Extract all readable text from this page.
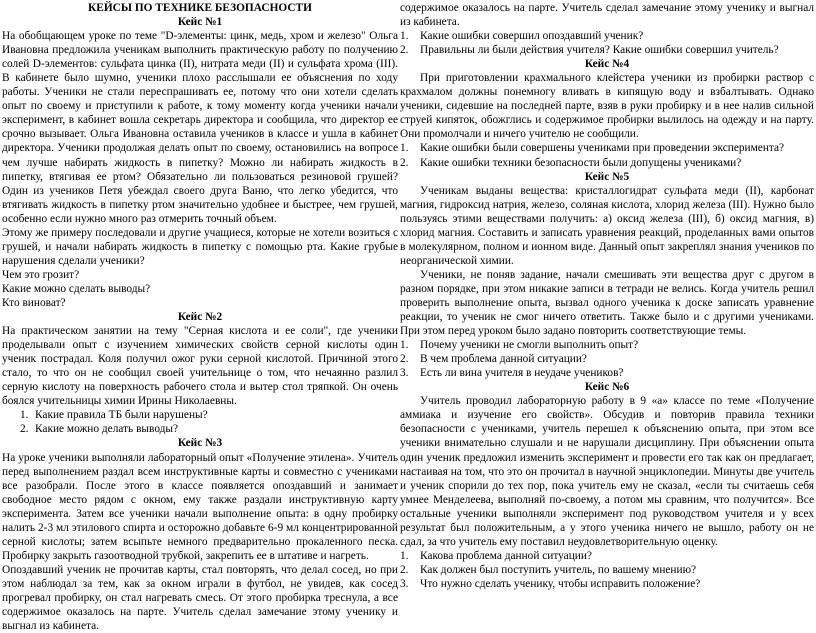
КЕЙСЫ ПО ТЕХНИКЕ БЕЗОПАСНОСТИ
Кейс №1

На обобщающем уроке по теме "D-элементы: цинк, медь, хром и железо" Ольга Ивановна предложила ученикам выполнить практическую работу по получению солей D-элементов: сульфата цинка (II), нитрата меди (II) и сульфата хрома (III). В кабинете было шумно, ученики плохо расслышали ее объяснения по ходу работы. Ученики не стали переспрашивать ее, потому что они хотели сделать опыт по своему и приступили к работе, к тому моменту когда ученики начали эксперимент, в кабинет вошла секретарь директора и сообщила, что директор ее срочно вызывает. Ольга Ивановна оставила учеников в классе и ушла в кабинет директора. Ученики продолжая делать опыт по своему, остановились на вопросе чем лучше набирать жидкость в пипетку? Можно ли набирать жидкость в пипетку, втягивая ее ртом? Обязательно ли пользоваться резиновой грушей? Один из учеников Петя убеждал своего друга Ваню, что легко убедится, что втягивать жидкость в пипетку ртом значительно удобнее и быстрее, чем грушей, особенно если нужно много раз отмерить точный объем.

Этому же примеру последовали и другие учащиеся, которые не хотели возиться с грушей, и начали набирать жидкость в пипетку с помощью рта. Какие грубые нарушения сделали ученики?

Чем это грозит?

Какие можно сделать выводы?

Кто виноват?

Кейс №2

На практическом занятии на тему "Серная кислота и ее соли", где ученики проделывали опыт с изучением химических свойств серной кислоты один ученик пострадал. Коля получил ожог руки серной кислотой. Причиной этого стало, то что он не сообщил своей учительнице о том, что нечаянно разлил серную кислоту на поверхность рабочего стола и вытер стол тряпкой. Он очень боялся учительницы химии Ирины Николаевны.

1. Какие правила ТБ были нарушены?
2. Какие можно делать выводы?
Кейс №3

На уроке ученики выполняли лабораторный опыт «Получение этилена». Учитель перед выполнением раздал всем инструктивные карты и совместно с учениками все разобрали. После этого в классе появляется опоздавший и занимает свободное место рядом с окном, ему также раздали инструктивную карту эксперимента. Затем все ученики начали выполнение опыта: в одну пробирку налить 2-3 мл этилового спирта и осторожно добавьте 6-9 мл концентрированной серной кислоты; затем всыпьте немного предварительно прокаленного песка. Пробирку закрыть газоотводной трубкой, закрепить ее в штативе и нагреть.

Опоздавший ученик не прочитав карты, стал повторять, что делал сосед, но при этом наблюдал за тем, как за окном играли в футбол, не увидев, как сосед прогревал пробирку, он стал нагревать смесь. От этого пробирка треснула, а все содержимое оказалось на парте. Учитель сделал замечание этому ученику и выгнал из кабинета.

содержимое оказалось на парте. Учитель сделал замечание этому ученику и выгнал из кабинета.

1. Какие ошибки совершил опоздавший ученик?
2. Правильны ли были действия учителя? Какие ошибки совершил учитель?
Кейс №4

При приготовлении крахмального клейстера ученики из пробирки раствор с крахмалом должны понемногу вливать в кипящую воду и взбалтывать. Однако ученики, сидевшие на последней парте, взяв в руки пробирку и в нее налив сильной струей кипяток, обожглись и содержимое пробирки вылилось на одежду и на парту. Они промолчали и ничего учителю не сообщили.

1. Какие ошибки были совершены учениками при проведении эксперимента?
2. Какие ошибки техники безопасности были допущены учениками?
Кейс №5

Ученикам выданы вещества: кристаллогидрат сульфата меди (II), карбонат магния, гидроксид натрия, железо, соляная кислота, хлорид железа (III). Нужно было пользуясь этими веществами получить: а) оксид железа (III), б) оксид магния, в) хлорид магния. Составить и записать уравнения реакций, проделанных вами опытов в молекулярном, полном и ионном виде. Данный опыт закреплял знания учеников по неорганической химии.

Ученики, не поняв задание, начали смешивать эти вещества друг с другом в разном порядке, при этом никакие записи в тетради не велись. Когда учитель решил проверить выполнение опыта, вызвал одного ученика к доске записать уравнение реакции, то ученик не смог ничего ответить. Также было и с другими учениками. При этом перед уроком было задано повторить соответствующие темы.

1. Почему ученики не смогли выполнить опыт?
2. В чем проблема данной ситуации?
3. Есть ли вина учителя в неудаче учеников?
Кейс №6

Учитель проводил лабораторную работу в 9 «а» классе по теме «Получение аммиака и изучение его свойств». Обсудив и повторив правила техники безопасности с учениками, учитель перешел к объяснению опыта, при этом все ученики внимательно слушали и не нарушали дисциплину. При объяснении опыта один ученик предложил изменить эксперимент и провести его так как он предлагает, настаивая на том, что это он прочитал в научной энциклопедии. Минуты две учитель и ученик спорили до тех пор, пока учитель ему не сказал, «если ты считаешь себя умнее Менделеева, выполняй по-своему, а потом мы сравним, что получится». Все остальные ученики выполняли эксперимент под руководством учителя и у всех результат был положительным, а у этого ученика ничего не вышло, работу он не сдал, за что учитель ему поставил неудовлетворительную оценку.

1. Какова проблема данной ситуации?
2. Как должен был поступить учитель, по вашему мнению?
3. Что нужно сделать ученику, чтобы исправить положение?
